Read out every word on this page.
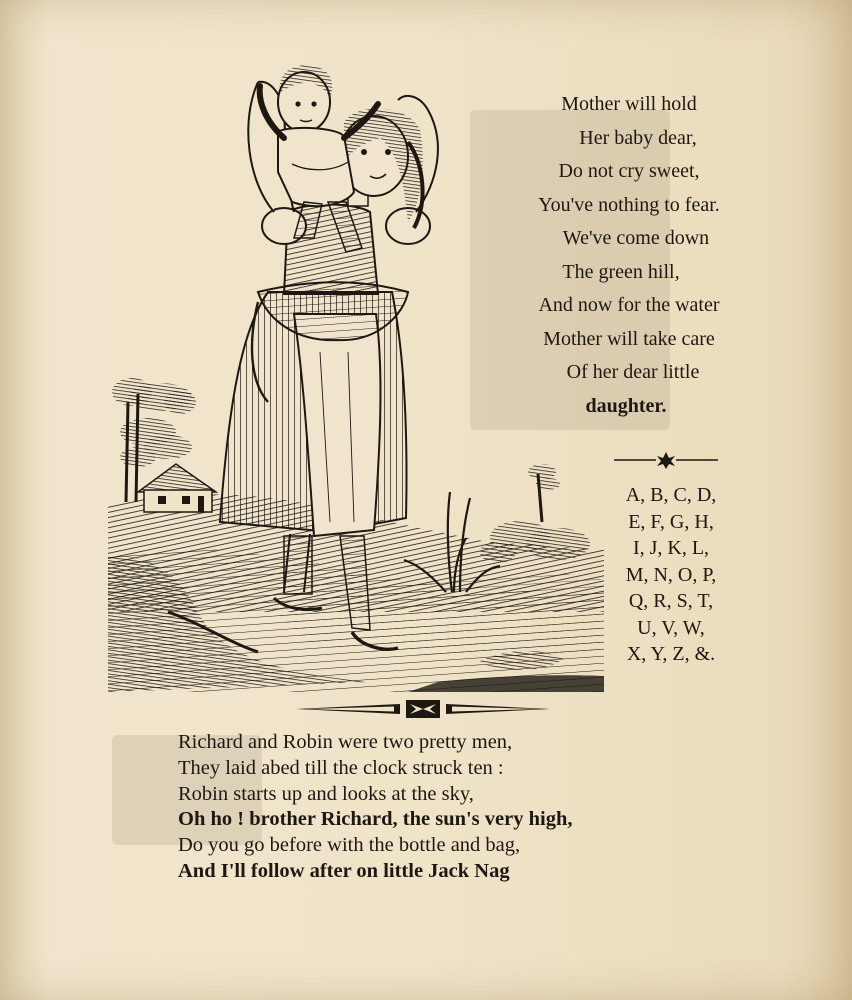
Mother will hold
Her baby dear,
Do not cry sweet,
You've nothing to fear.
We've come down
The green hill,
And now for the water
Mother will take care
Of her dear little
daughter.
A, B, C, D,
E, F, G, H,
I, J, K, L,
M, N, O, P,
Q, R, S, T,
U, V, W,
X, Y, Z, &.
Richard and Robin were two pretty men,
They laid abed till the clock struck ten :
Robin starts up and looks at the sky,
Oh ho ! brother Richard, the sun's very high,
Do you go before with the bottle and bag,
And I'll follow after on little Jack Nag
